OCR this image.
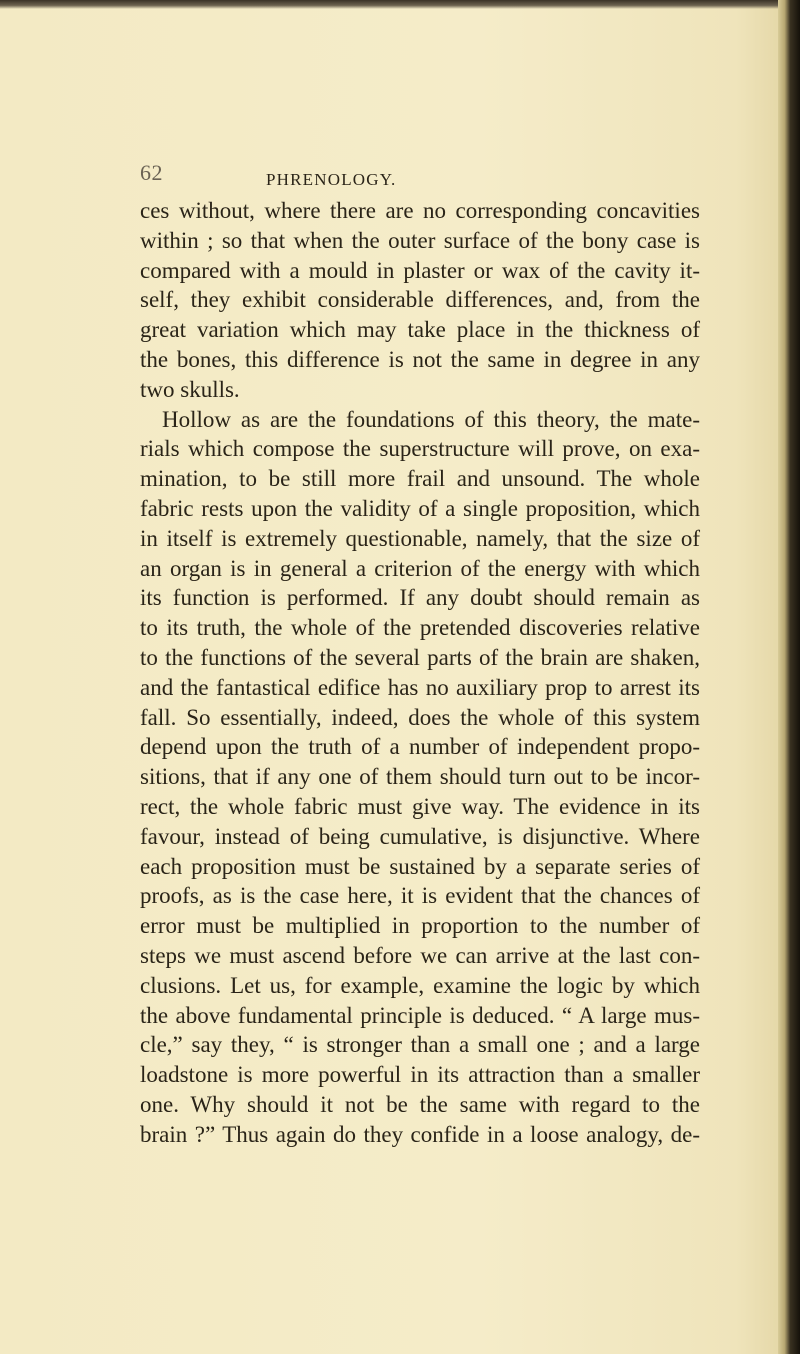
62	PHRENOLOGY.
ces without, where there are no corresponding concavities
within ; so that when the outer surface of the bony case is
compared with a mould in plaster or wax of the cavity it-
self, they exhibit considerable differences, and, from the
great variation which may take place in the thickness of
the bones, this difference is not the same in degree in any
two skulls.
Hollow as are the foundations of this theory, the mate-
rials which compose the superstructure will prove, on exa-
mination, to be still more frail and unsound. The whole
fabric rests upon the validity of a single proposition, which
in itself is extremely questionable, namely, that the size of
an organ is in general a criterion of the energy with which
its function is performed. If any doubt should remain as
to its truth, the whole of the pretended discoveries relative
to the functions of the several parts of the brain are shaken,
and the fantastical edifice has no auxiliary prop to arrest its
fall. So essentially, indeed, does the whole of this system
depend upon the truth of a number of independent propo-
sitions, that if any one of them should turn out to be incor-
rect, the whole fabric must give way. The evidence in its
favour, instead of being cumulative, is disjunctive. Where
each proposition must be sustained by a separate series of
proofs, as is the case here, it is evident that the chances of
error must be multiplied in proportion to the number of
steps we must ascend before we can arrive at the last con-
clusions. Let us, for example, examine the logic by which
the above fundamental principle is deduced. “ A large mus-
cle,” say they, “ is stronger than a small one ; and a large
loadstone is more powerful in its attraction than a smaller
one. Why should it not be the same with regard to the
brain ?” Thus again do they confide in a loose analogy, de-
